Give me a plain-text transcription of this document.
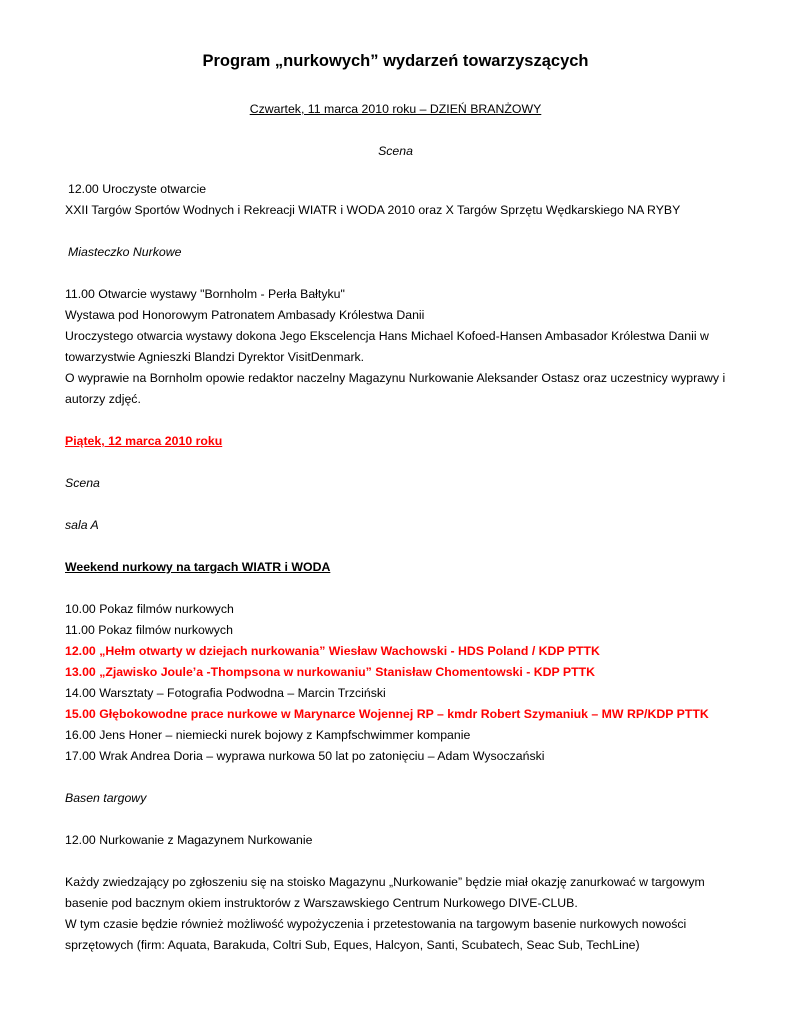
Program „nurkowych” wydarzeń towarzyszących
Czwartek, 11 marca 2010 roku – DZIEŃ BRANŻOWY
Scena
12.00 Uroczyste otwarcie
XXII Targów Sportów Wodnych i Rekreacji WIATR i WODA 2010 oraz X Targów Sprzętu Wędkarskiego NA RYBY
Miasteczko Nurkowe
11.00 Otwarcie wystawy "Bornholm - Perła Bałtyku"
Wystawa pod Honorowym Patronatem Ambasady Królestwa Danii
Uroczystego otwarcia wystawy dokona Jego Ekscelencja Hans Michael Kofoed-Hansen Ambasador Królestwa Danii w
towarzystwie Agnieszki Blandzi Dyrektor VisitDenmark.
O wyprawie na Bornholm opowie redaktor naczelny Magazynu Nurkowanie Aleksander Ostasz oraz uczestnicy wyprawy i
autorzy zdjęć.
Piątek, 12 marca 2010 roku
Scena
sala A
Weekend nurkowy na targach WIATR i WODA
10.00 Pokaz filmów nurkowych
11.00 Pokaz filmów nurkowych
12.00 „Hełm otwarty w dziejach nurkowania” Wiesław Wachowski - HDS Poland / KDP PTTK
13.00 „Zjawisko Joule’a -Thompsona w nurkowaniu” Stanisław Chomentowski - KDP PTTK
14.00 Warsztaty – Fotografia Podwodna – Marcin Trzciński
15.00 Głębokowodne prace nurkowe w Marynarce Wojennej RP – kmdr Robert Szymaniuk – MW RP/KDP PTTK
16.00 Jens Honer – niemiecki nurek bojowy z Kampfschwimmer kompanie
17.00 Wrak Andrea Doria – wyprawa nurkowa 50 lat po zatonięciu – Adam Wysoczański
Basen targowy
12.00 Nurkowanie z Magazynem Nurkowanie
Każdy zwiedzający po zgłoszeniu się na stoisko Magazynu „Nurkowanie” będzie miał okazję zanurkować w targowym
basenie pod bacznym okiem instruktorów z Warszawskiego Centrum Nurkowego DIVE-CLUB.
W tym czasie będzie również możliwość wypożyczenia i przetestowania na targowym basenie nurkowych nowości
sprzętowych (firm: Aquata, Barakuda, Coltri Sub, Eques, Halcyon, Santi, Scubatech, Seac Sub, TechLine)
